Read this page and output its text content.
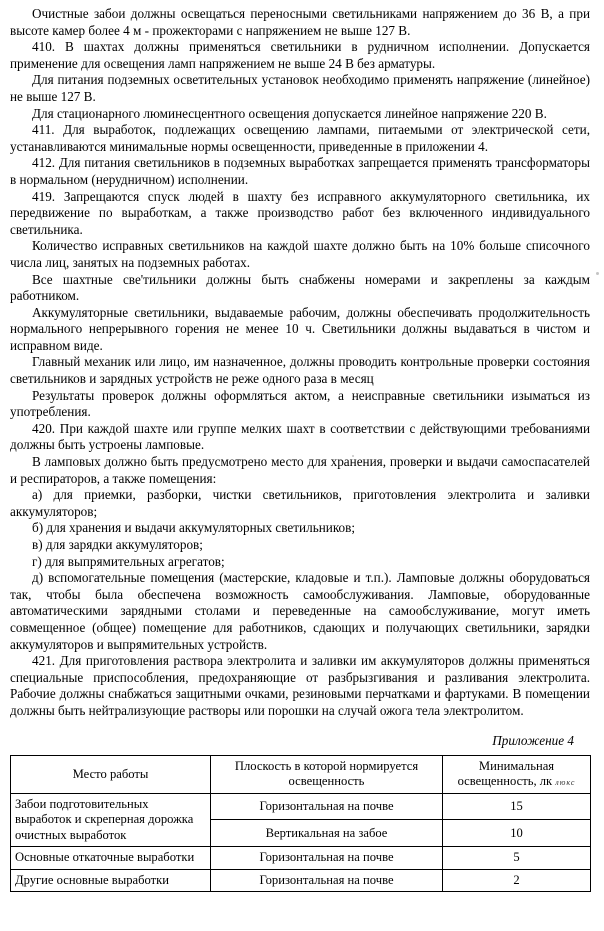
Очистные забои должны освещаться переносными светильниками напряжением до 36 В, а при высоте камер более 4 м - прожекторами с напряжением не выше 127 В.

410. В шахтах должны применяться светильники в рудничном исполнении. Допускается применение для освещения ламп напряжением не выше 24 В без арматуры.

Для питания подземных осветительных установок необходимо применять напряжение (линейное) не выше 127 В.

Для стационарного люминесцентного освещения допускается линейное напряжение 220 В.

411. Для выработок, подлежащих освещению лампами, питаемыми от электрической сети, устанавливаются минимальные нормы освещенности, приведенные в приложении 4.

412. Для питания светильников в подземных выработках запрещается применять трансформаторы в нормальном (нерудничном) исполнении.

419. Запрещаются спуск людей в шахту без исправного аккумуляторного светильника, их передвижение по выработкам, а также производство работ без включенного индивидуального светильника.

Количество исправных светильников на каждой шахте должно быть на 10% больше списочного числа лиц, занятых на подземных работах.

Все шахтные све'тильники должны быть снабжены номерами и закреплены за каждым работником.

Аккумуляторные светильники, выдаваемые рабочим, должны обеспечивать продолжительность нормального непрерывного горения не менее 10 ч. Светильники должны выдаваться в чистом и исправном виде.

Главный механик или лицо, им назначенное, должны проводить контрольные проверки состояния светильников и зарядных устройств не реже одного раза в месяц

Результаты проверок должны оформляться актом, а неисправные светильники изыматься из употребления.

420. При каждой шахте или группе мелких шахт в соответствии с действующими требованиями должны быть устроены ламповые.

В ламповых должно быть предусмотрено место для хранения, проверки и выдачи самоспасателей и респираторов, а также помещения:

а) для приемки, разборки, чистки светильников, приготовления электролита и заливки аккумуляторов;

б) для хранения и выдачи аккумуляторных светильников;

в) для зарядки аккумуляторов;

г) для выпрямительных агрегатов;

д) вспомогательные помещения (мастерские, кладовые и т.п.). Ламповые должны оборудоваться так, чтобы была обеспечена возможность самообслуживания. Ламповые, оборудованные автоматическими зарядными столами и переведенные на самообслуживание, могут иметь совмещенное (общее) помещение для работников, сдающих и получающих светильники, зарядки аккумуляторов и выпрямительных устройств.

421. Для приготовления раствора электролита и заливки им аккумуляторов должны применяться специальные приспособления, предохраняющие от разбрызгивания и разливания электролита. Рабочие должны снабжаться защитными очками, резиновыми перчатками и фартуками. В помещении должны быть нейтрализующие растворы или порошки на случай ожога тела электролитом.

Приложение 4
Место работы	Плоскость в которой нормируется освещенность	Минимальная освещенность, лк люкс
Забои подготовительных выработок и скреперная дорожка очистных выработок	Горизонтальная на почве	15
	Вертикальная на забое	10
Основные откаточные выработки	Горизонтальная на почве	5
Другие основные выработки	Горизонтальная на почве	2
